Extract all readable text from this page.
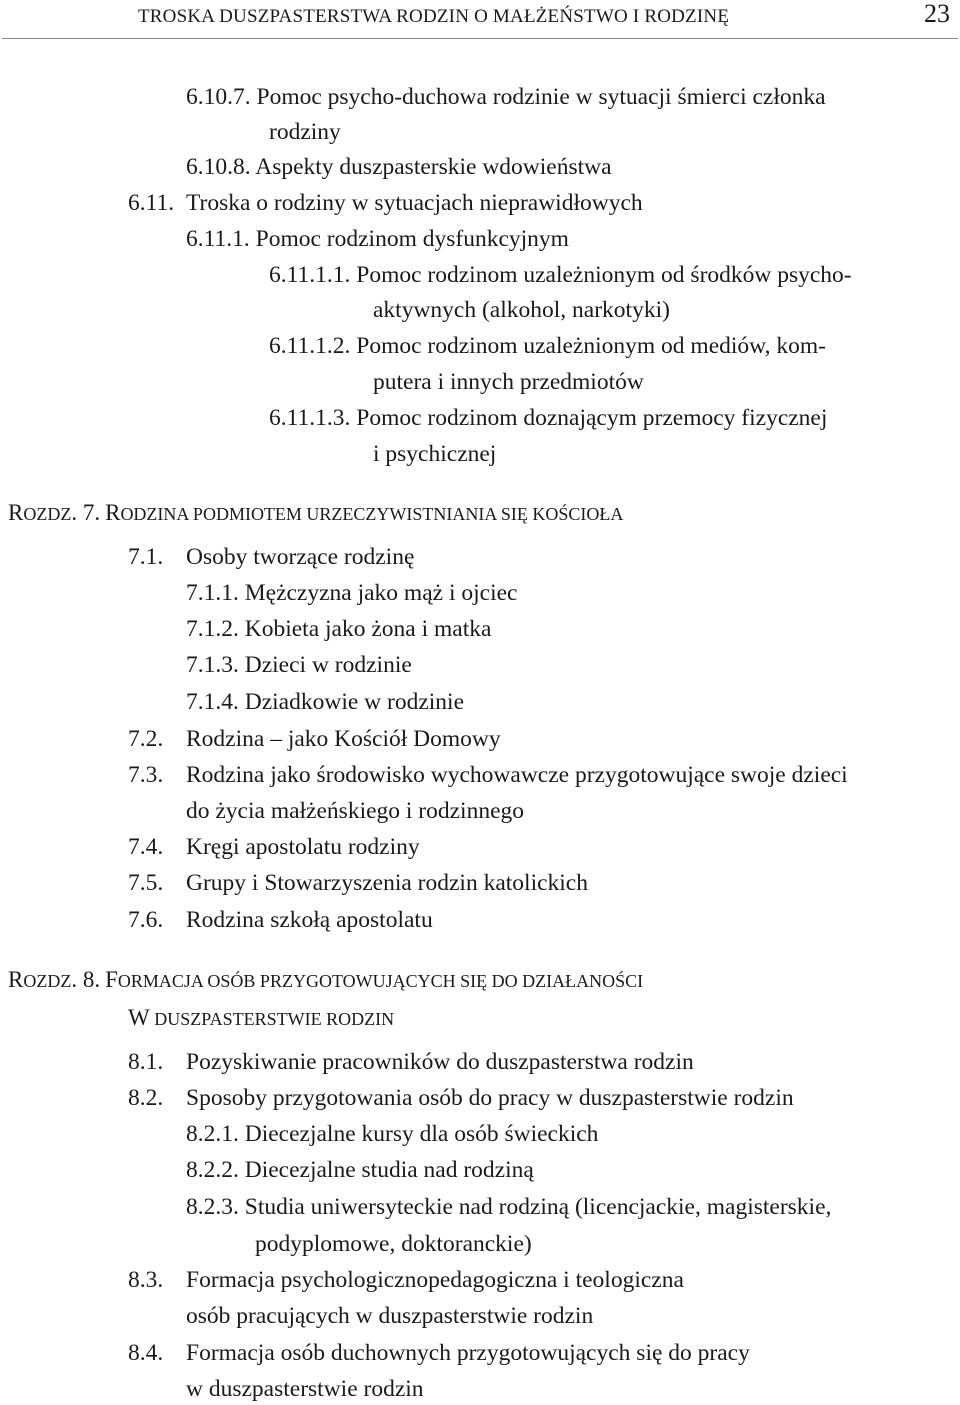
TROSKA DUSZPASTERSTWA RODZIN O MAŁŻEŃSTWO I RODZINĘ	23
6.10.7. Pomoc psycho-duchowa rodzinie w sytuacji śmierci członka
rodziny
6.10.8. Aspekty duszpasterskie wdowieństwa
6.11. Troska o rodziny w sytuacjach nieprawidłowych
6.11.1. Pomoc rodzinom dysfunkcyjnym
6.11.1.1. Pomoc rodzinom uzależnionym od środków psycho-
aktywnych (alkohol, narkotyki)
6.11.1.2. Pomoc rodzinom uzależnionym od mediów, kom-
putera i innych przedmiotów
6.11.1.3. Pomoc rodzinom doznającym przemocy fizycznej
i psychicznej
ROZDZ. 7. RODZINA PODMIOTEM URZECZYWISTNIANIA SIĘ KOŚCIOŁA
7.1. Osoby tworzące rodzinę
7.1.1. Mężczyzna jako mąż i ojciec
7.1.2. Kobieta jako żona i matka
7.1.3. Dzieci w rodzinie
7.1.4. Dziadkowie w rodzinie
7.2. Rodzina – jako Kościół Domowy
7.3. Rodzina jako środowisko wychowawcze przygotowujące swoje dzieci
do życia małżeńskiego i rodzinnego
7.4. Kręgi apostolatu rodziny
7.5. Grupy i Stowarzyszenia rodzin katolickich
7.6. Rodzina szkołą apostolatu
ROZDZ. 8. FORMACJA OSÓB PRZYGOTOWUJĄCYCH SIĘ DO DZIAŁANOŚCI
W DUSZPASTERSTWIE RODZIN
8.1. Pozyskiwanie pracowników do duszpasterstwa rodzin
8.2. Sposoby przygotowania osób do pracy w duszpasterstwie rodzin
8.2.1. Diecezjalne kursy dla osób świeckich
8.2.2. Diecezjalne studia nad rodziną
8.2.3. Studia uniwersyteckie nad rodziną (licencjackie, magisterskie,
podyplomowe, doktoranckie)
8.3. Formacja psychologicznopedagogiczna i teologiczna
osób pracujących w duszpasterstwie rodzin
8.4. Formacja osób duchownych przygotowujących się do pracy
w duszpasterstwie rodzin
